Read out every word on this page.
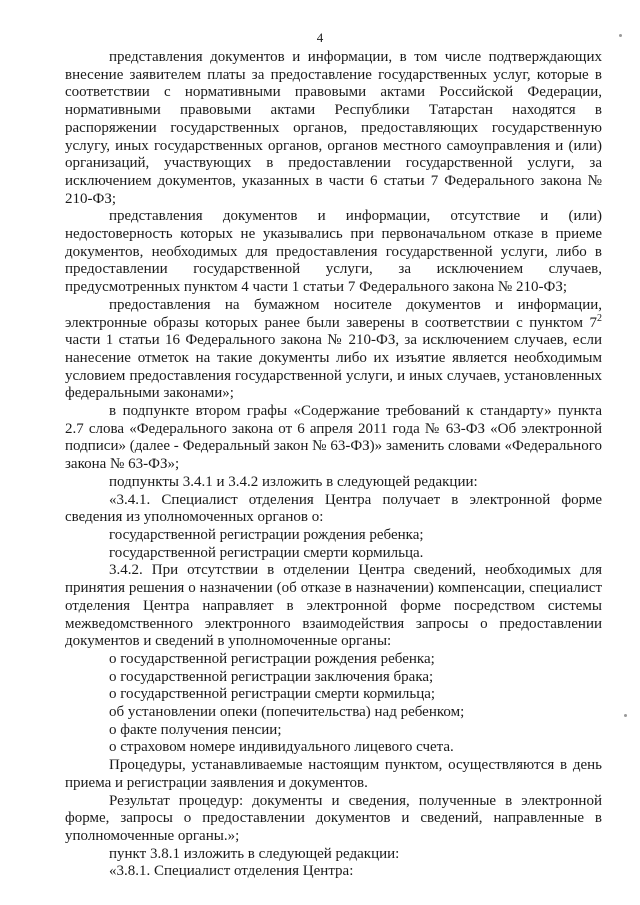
4

представления документов и информации, в том числе подтверждающих внесение заявителем платы за предоставление государственных услуг, которые в соответствии с нормативными правовыми актами Российской Федерации, нормативными правовыми актами Республики Татарстан находятся в распоряжении государственных органов, предоставляющих государственную услугу, иных государственных органов, органов местного самоуправления и (или) организаций, участвующих в предоставлении государственной услуги, за исключением документов, указанных в части 6 статьи 7 Федерального закона № 210-ФЗ;

представления документов и информации, отсутствие и (или) недостоверность которых не указывались при первоначальном отказе в приеме документов, необходимых для предоставления государственной услуги, либо в предоставлении государственной услуги, за исключением случаев, предусмотренных пунктом 4 части 1 статьи 7 Федерального закона № 210-ФЗ;

предоставления на бумажном носителе документов и информации, электронные образы которых ранее были заверены в соответствии с пунктом $7^2$ части 1 статьи 16 Федерального закона № 210-ФЗ, за исключением случаев, если нанесение отметок на такие документы либо их изъятие является необходимым условием предоставления государственной услуги, и иных случаев, установленных федеральными законами»;

в подпункте втором графы «Содержание требований к стандарту» пункта 2.7 слова «Федерального закона от 6 апреля 2011 года № 63-ФЗ «Об электронной подписи» (далее - Федеральный закон № 63-ФЗ)» заменить словами «Федерального закона № 63-ФЗ»;

подпункты 3.4.1 и 3.4.2 изложить в следующей редакции:

«3.4.1. Специалист отделения Центра получает в электронной форме сведения из уполномоченных органов о:

государственной регистрации рождения ребенка;

государственной регистрации смерти кормильца.

3.4.2. При отсутствии в отделении Центра сведений, необходимых для принятия решения о назначении (об отказе в назначении) компенсации, специалист отделения Центра направляет в электронной форме посредством системы межведомственного электронного взаимодействия запросы о предоставлении документов и сведений в уполномоченные органы:

о государственной регистрации рождения ребенка;

о государственной регистрации заключения брака;

о государственной регистрации смерти кормильца;

об установлении опеки (попечительства) над ребенком;

о факте получения пенсии;

о страховом номере индивидуального лицевого счета.

Процедуры, устанавливаемые настоящим пунктом, осуществляются в день приема и регистрации заявления и документов.

Результат процедур: документы и сведения, полученные в электронной форме, запросы о предоставлении документов и сведений, направленные в уполномоченные органы.»;

пункт 3.8.1 изложить в следующей редакции:

«3.8.1. Специалист отделения Центра:
